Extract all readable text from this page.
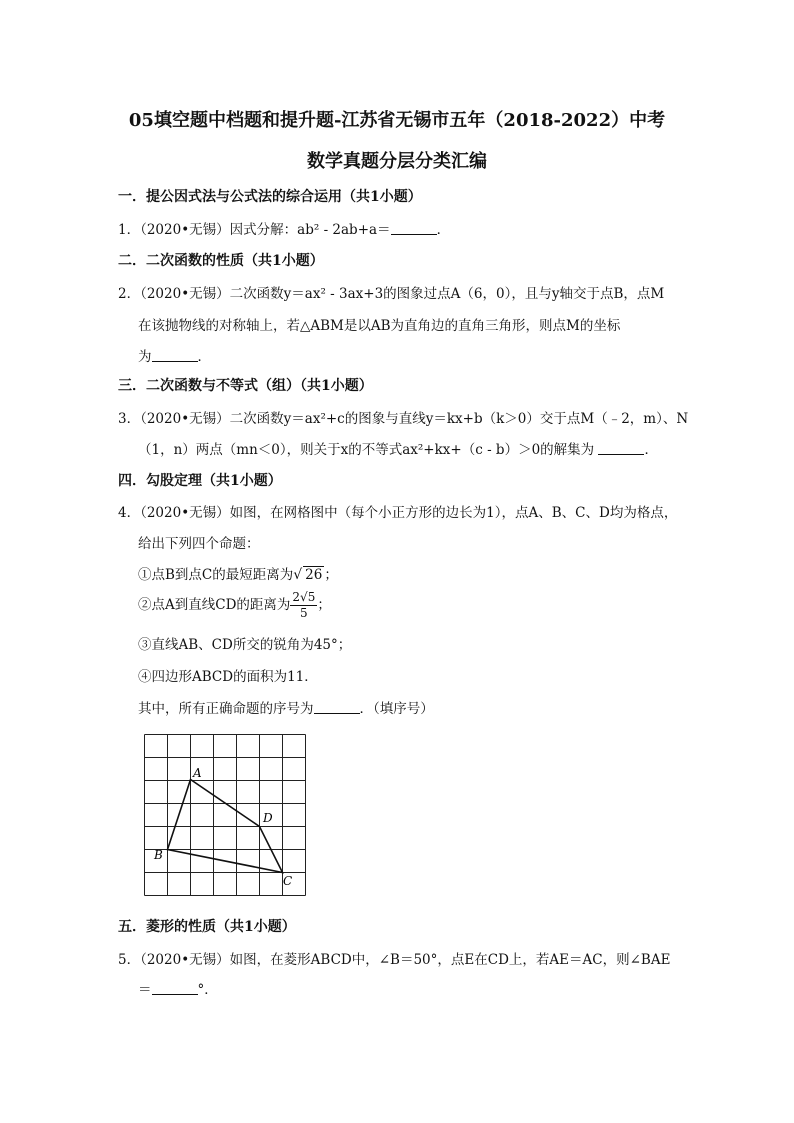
05填空题中档题和提升题-江苏省无锡市五年（2018-2022）中考
数学真题分层分类汇编
一．提公因式法与公式法的综合运用（共1小题）
1．（2020•无锡）因式分解：ab² - 2ab+a＝	．
二．二次函数的性质（共1小题）
2．（2020•无锡）二次函数y＝ax² - 3ax+3的图象过点A（6，0），且与y轴交于点B，点M
在该抛物线的对称轴上，若△ABM是以AB为直角边的直角三角形，则点M的坐标
为	．
三．二次函数与不等式（组）（共1小题）
3．（2020•无锡）二次函数y＝ax²+c的图象与直线y＝kx+b（k＞0）交于点M（﹣2，m）、N
（1，n）两点（mn＜0），则关于x的不等式ax²+kx+（c - b）＞0的解集为	．
四．勾股定理（共1小题）
4．（2020•无锡）如图，在网格图中（每个小正方形的边长为1），点A、B、C、D均为格点，
给出下列四个命题：
①点B到点C的最短距离为√ 26 ；
②点A到直线CD的距离为 $\frac{2√5}{5}$ ；
③直线AB、CD所交的锐角为45°；
④四边形ABCD的面积为11．
其中，所有正确命题的序号为	．（填序号）
A
B
C
D
五．菱形的性质（共1小题）
5．（2020•无锡）如图，在菱形ABCD中，∠B＝50°，点E在CD上，若AE＝AC，则∠BAE
＝	°．
